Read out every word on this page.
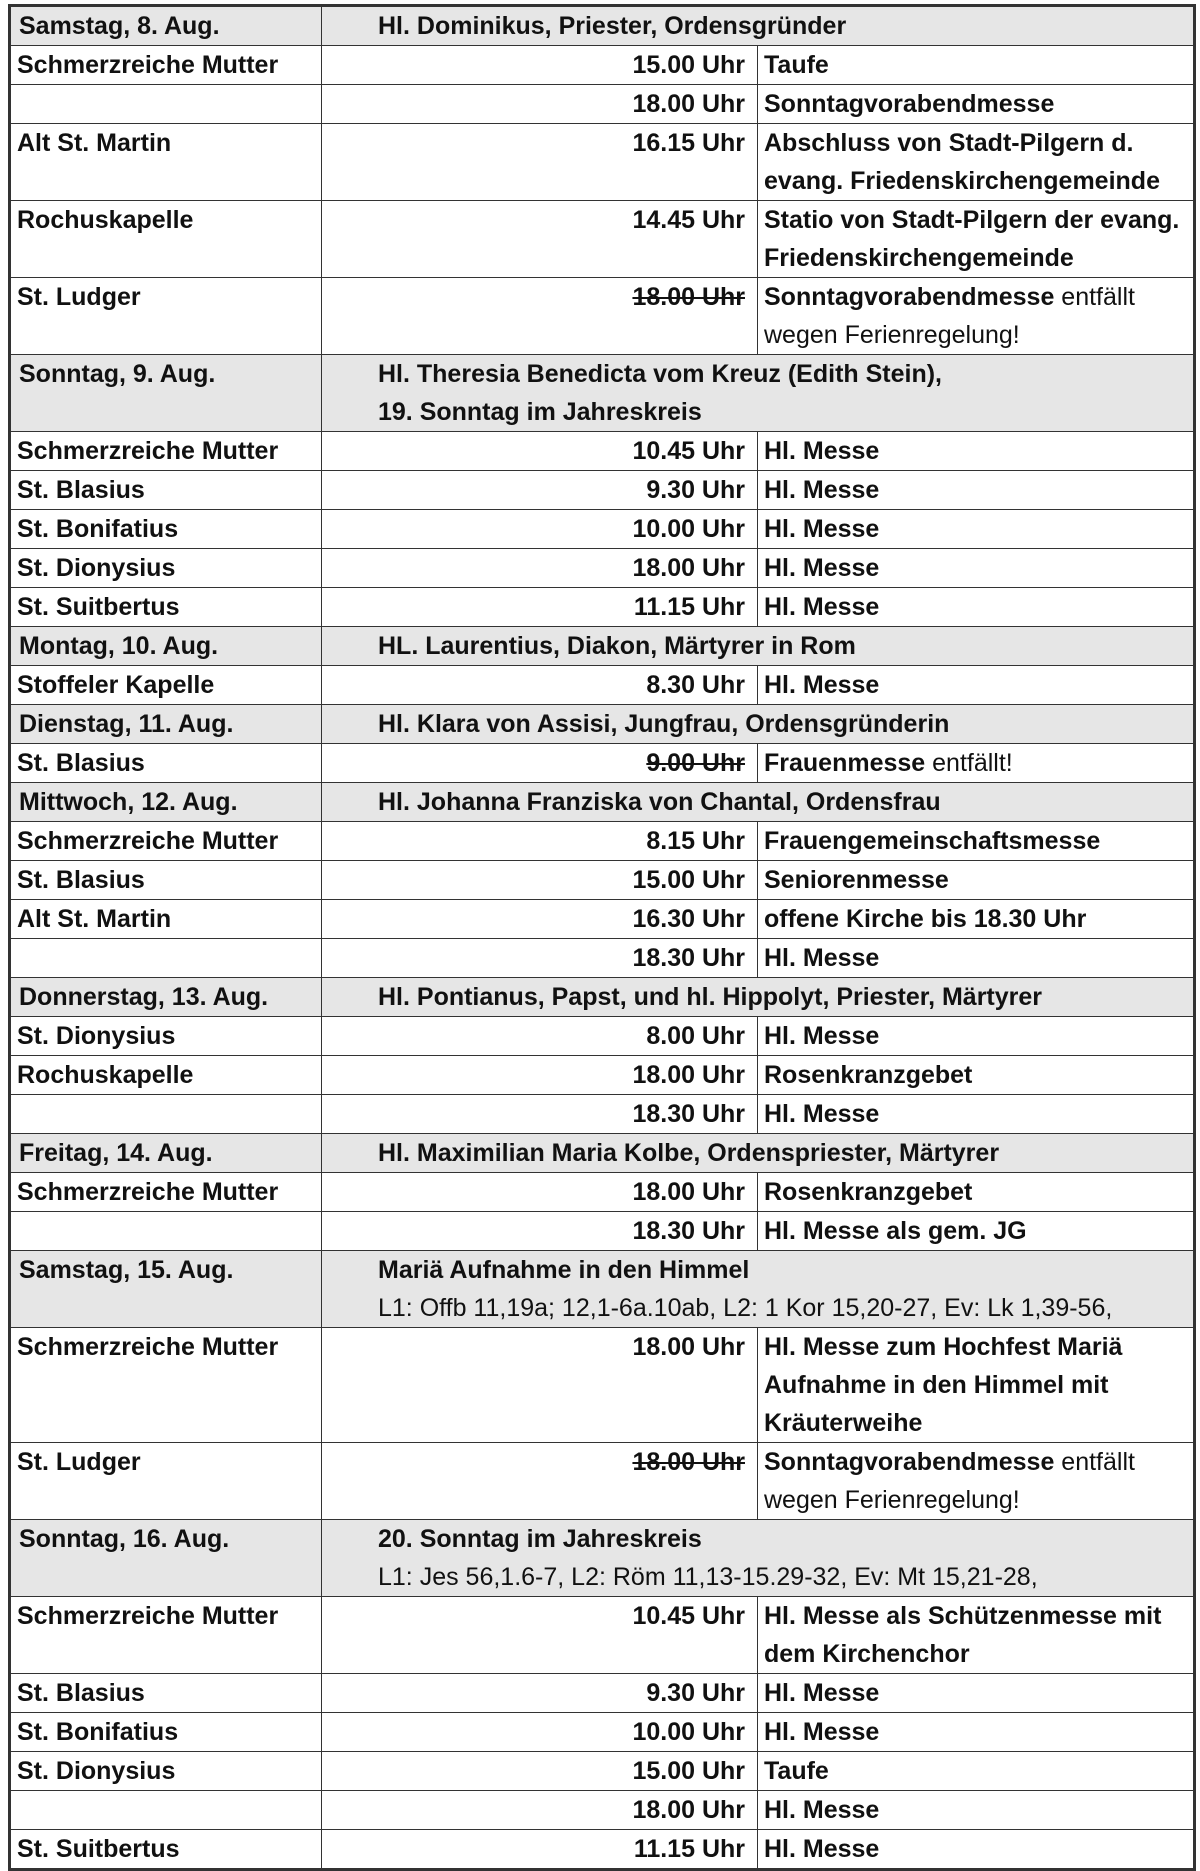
Samstag, 8. Aug.	Hl. Dominikus, Priester, Ordensgründer	

Schmerzreiche Mutter	15.00 Uhr	Taufe
	18.00 Uhr	Sonntagvorabendmesse
Alt St. Martin	16.15 Uhr	Abschluss von Stadt-Pilgern d. evang. Friedenskirchengemeinde
Rochuskapelle	14.45 Uhr	Statio von Stadt-Pilgern der evang. Friedenskirchengemeinde
St. Ludger	18.00 Uhr	Sonntagvorabendmesse entfällt wegen Ferienregelung!
Sonntag, 9. Aug.	Hl. Theresia Benedicta vom Kreuz (Edith Stein),
19. Sonntag im Jahreskreis	

Schmerzreiche Mutter	10.45 Uhr	Hl. Messe
St. Blasius	9.30 Uhr	Hl. Messe
St. Bonifatius	10.00 Uhr	Hl. Messe
St. Dionysius	18.00 Uhr	Hl. Messe
St. Suitbertus	11.15 Uhr	Hl. Messe
Montag, 10. Aug.	HL. Laurentius, Diakon, Märtyrer in Rom	

Stoffeler Kapelle	8.30 Uhr	Hl. Messe
Dienstag, 11. Aug.	Hl. Klara von Assisi, Jungfrau, Ordensgründerin	

St. Blasius	9.00 Uhr	Frauenmesse entfällt!
Mittwoch, 12. Aug.	Hl. Johanna Franziska von Chantal, Ordensfrau	

Schmerzreiche Mutter	8.15 Uhr	Frauengemeinschaftsmesse
St. Blasius	15.00 Uhr	Seniorenmesse
Alt St. Martin	16.30 Uhr	offene Kirche bis 18.30 Uhr
	18.30 Uhr	Hl. Messe
Donnerstag, 13. Aug.	Hl. Pontianus, Papst, und hl. Hippolyt, Priester, Märtyrer	

St. Dionysius	8.00 Uhr	Hl. Messe
Rochuskapelle	18.00 Uhr	Rosenkranzgebet
	18.30 Uhr	Hl. Messe
Freitag, 14. Aug.	Hl. Maximilian Maria Kolbe, Ordenspriester, Märtyrer	

Schmerzreiche Mutter	18.00 Uhr	Rosenkranzgebet
	18.30 Uhr	Hl. Messe als gem. JG
Samstag, 15. Aug.	Mariä Aufnahme in den Himmel
L1: Offb 11,19a; 12,1-6a.10ab, L2: 1 Kor 15,20-27, Ev: Lk 1,39-56,	

Schmerzreiche Mutter	18.00 Uhr	Hl. Messe zum Hochfest Mariä Aufnahme in den Himmel mit Kräuterweihe
St. Ludger	18.00 Uhr	Sonntagvorabendmesse entfällt wegen Ferienregelung!
Sonntag, 16. Aug.	20. Sonntag im Jahreskreis
L1: Jes 56,1.6-7, L2: Röm 11,13-15.29-32, Ev: Mt 15,21-28,	

Schmerzreiche Mutter	10.45 Uhr	Hl. Messe als Schützenmesse mit dem Kirchenchor
St. Blasius	9.30 Uhr	Hl. Messe
St. Bonifatius	10.00 Uhr	Hl. Messe
St. Dionysius	15.00 Uhr	Taufe
	18.00 Uhr	Hl. Messe
St. Suitbertus	11.15 Uhr	Hl. Messe
